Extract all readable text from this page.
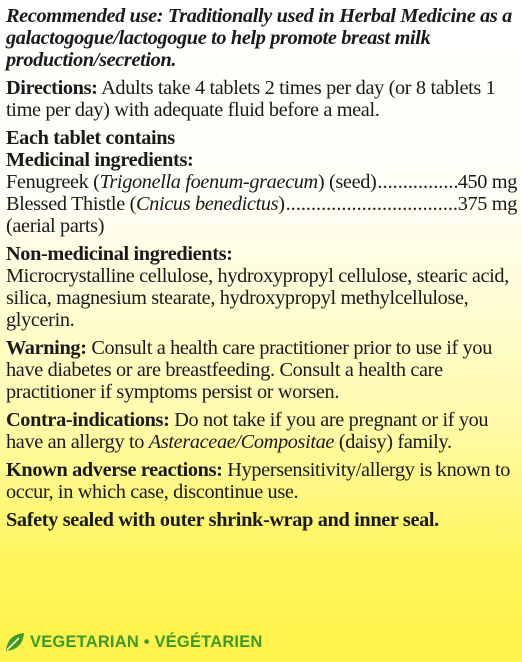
Recommended use: Traditionally used in Herbal Medicine as a galactogogue/lactogogue to help promote breast milk production/secretion.

Directions: Adults take 4 tablets 2 times per day (or 8 tablets 1 time per day) with adequate fluid before a meal.

Each tablet contains

Medicinal ingredients:

Fenugreek (Trigonella foenum-graecum) (seed) .....	450 mg
Blessed Thistle (Cnicus benedictus) .....	375 mg

(aerial parts)

Non-medicinal ingredients:

Microcrystalline cellulose, hydroxypropyl cellulose, stearic acid, silica, magnesium stearate, hydroxypropyl methylcellulose, glycerin.

Warning: Consult a health care practitioner prior to use if you have diabetes or are breastfeeding. Consult a health care practitioner if symptoms persist or worsen.

Contra-indications: Do not take if you are pregnant or if you have an allergy to Asteraceae/Compositae (daisy) family.

Known adverse reactions: Hypersensitivity/allergy is known to occur, in which case, discontinue use.

Safety sealed with outer shrink-wrap and inner seal.

VEGETARIAN • VÉGÉTARIEN
